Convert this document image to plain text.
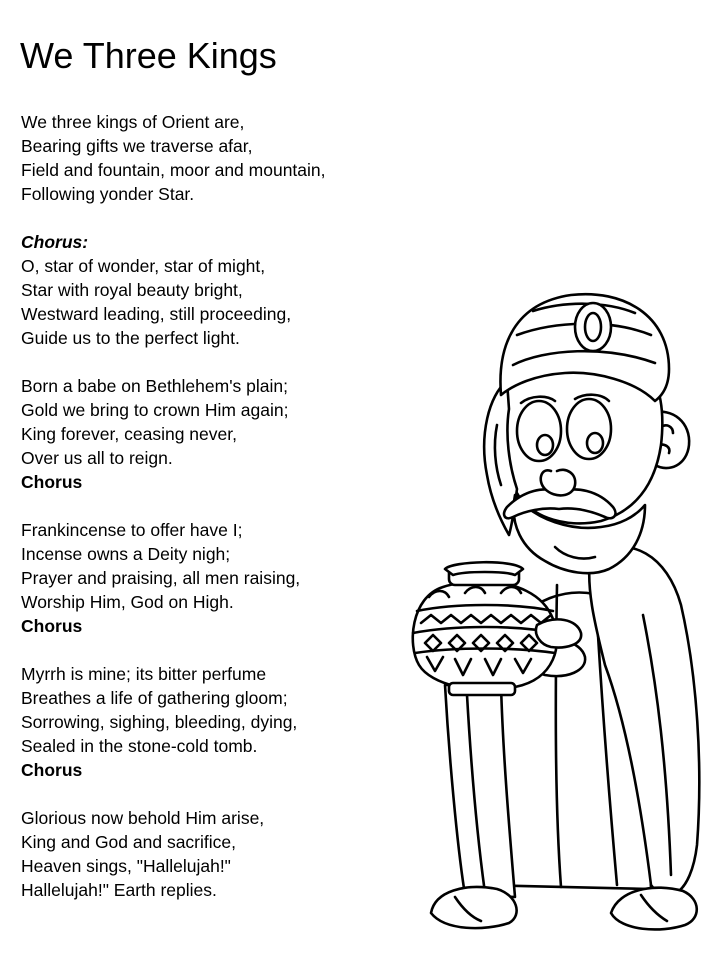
We Three Kings
We three kings of Orient are,
Bearing gifts we traverse afar,
Field and fountain, moor and mountain,
Following yonder Star.
Chorus:
O, star of wonder, star of might,
Star with royal beauty bright,
Westward leading, still proceeding,
Guide us to the perfect light.
Born a babe on Bethlehem's plain;
Gold we bring to crown Him again;
King forever, ceasing never,
Over us all to reign.
Chorus
Frankincense to offer have I;
Incense owns a Deity nigh;
Prayer and praising, all men raising,
Worship Him, God on High.
Chorus
Myrrh is mine; its bitter perfume
Breathes a life of gathering gloom;
Sorrowing, sighing, bleeding, dying,
Sealed in the stone-cold tomb.
Chorus
Glorious now behold Him arise,
King and God and sacrifice,
Heaven sings, "Hallelujah!"
Hallelujah!" Earth replies.
